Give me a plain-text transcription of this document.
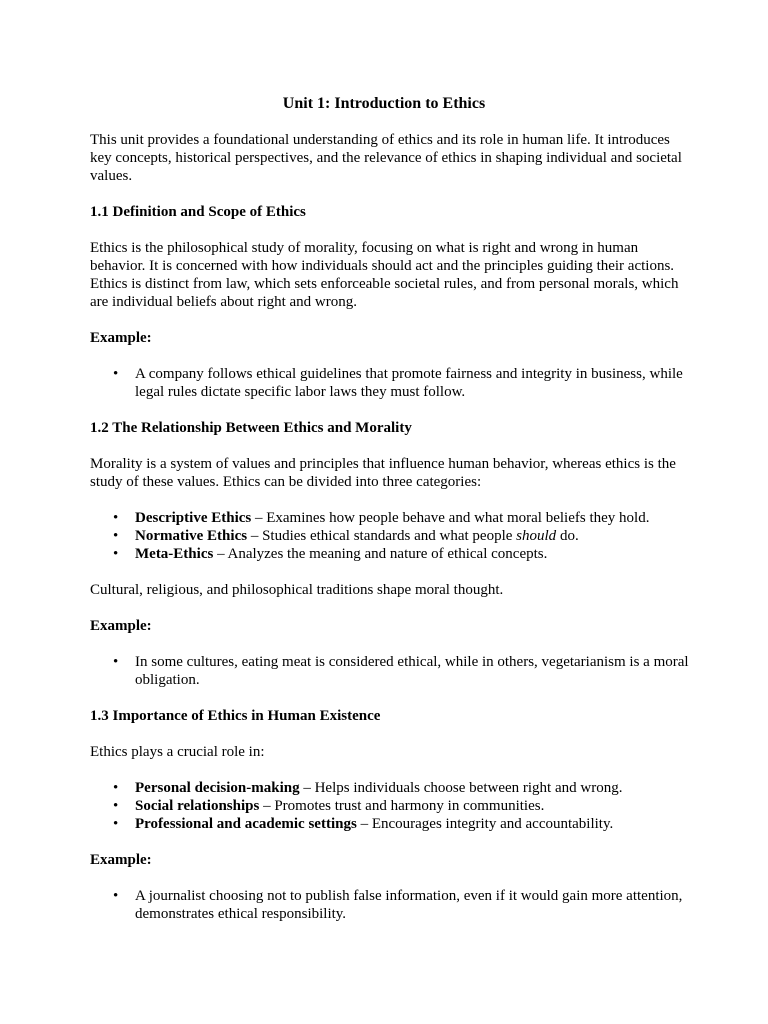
Unit 1: Introduction to Ethics

This unit provides a foundational understanding of ethics and its role in human life. It introduces key concepts, historical perspectives, and the relevance of ethics in shaping individual and societal values.

1.1 Definition and Scope of Ethics

Ethics is the philosophical study of morality, focusing on what is right and wrong in human behavior. It is concerned with how individuals should act and the principles guiding their actions. Ethics is distinct from law, which sets enforceable societal rules, and from personal morals, which are individual beliefs about right and wrong.

Example:
• A company follows ethical guidelines that promote fairness and integrity in business, while legal rules dictate specific labor laws they must follow.
1.2 The Relationship Between Ethics and Morality

Morality is a system of values and principles that influence human behavior, whereas ethics is the study of these values. Ethics can be divided into three categories:

• Descriptive Ethics – Examines how people behave and what moral beliefs they hold.
• Normative Ethics – Studies ethical standards and what people should do.
• Meta-Ethics – Analyzes the meaning and nature of ethical concepts.

Cultural, religious, and philosophical traditions shape moral thought.

Example:
• In some cultures, eating meat is considered ethical, while in others, vegetarianism is a moral obligation.
1.3 Importance of Ethics in Human Existence

Ethics plays a crucial role in:

• Personal decision-making – Helps individuals choose between right and wrong.
• Social relationships – Promotes trust and harmony in communities.
• Professional and academic settings – Encourages integrity and accountability.
Example:
• A journalist choosing not to publish false information, even if it would gain more attention, demonstrates ethical responsibility.
